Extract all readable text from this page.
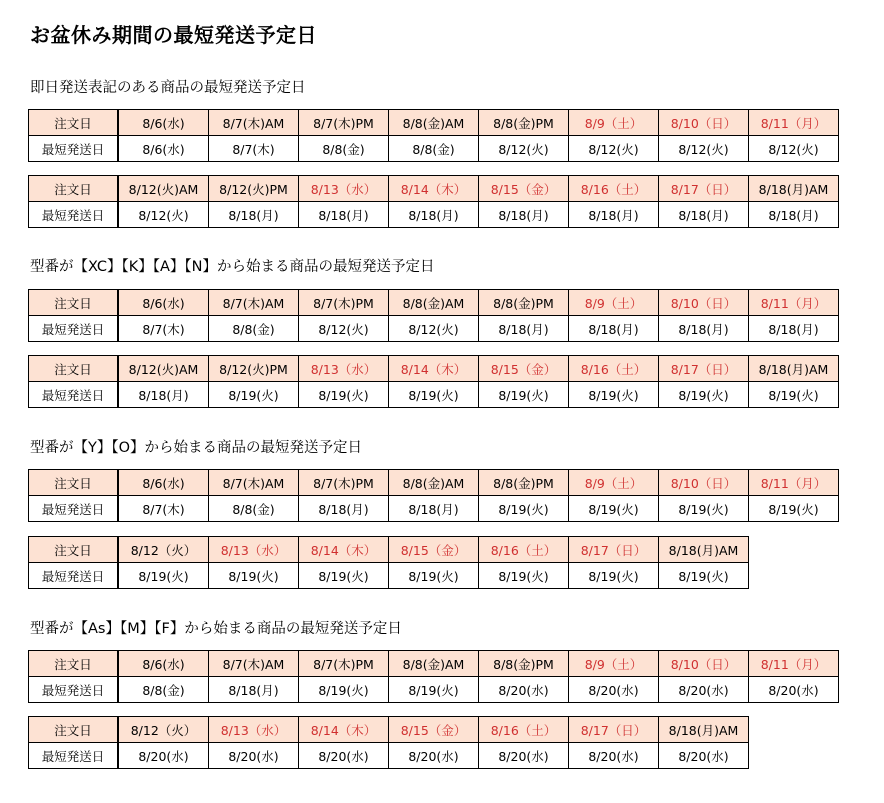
お盆休み期間の最短発送予定日
即日発送表記のある商品の最短発送予定日
注文日	8/6(水)	8/7(木)AM	8/7(木)PM	8/8(金)AM	8/8(金)PM	8/9（土）	8/10（日）	8/11（月）
最短発送日	8/6(水)	8/7(木)	8/8(金)	8/8(金)	8/12(火)	8/12(火)	8/12(火)	8/12(火)
注文日	8/12(火)AM	8/12(火)PM	8/13（水）	8/14（木）	8/15（金）	8/16（土）	8/17（日）	8/18(月)AM
最短発送日	8/12(火)	8/18(月)	8/18(月)	8/18(月)	8/18(月)	8/18(月)	8/18(月)	8/18(月)
型番が【XC】【K】【A】【N】から始まる商品の最短発送予定日
注文日	8/6(水)	8/7(木)AM	8/7(木)PM	8/8(金)AM	8/8(金)PM	8/9（土）	8/10（日）	8/11（月）
最短発送日	8/7(木)	8/8(金)	8/12(火)	8/12(火)	8/18(月)	8/18(月)	8/18(月)	8/18(月)
注文日	8/12(火)AM	8/12(火)PM	8/13（水）	8/14（木）	8/15（金）	8/16（土）	8/17（日）	8/18(月)AM
最短発送日	8/18(月)	8/19(火)	8/19(火)	8/19(火)	8/19(火)	8/19(火)	8/19(火)	8/19(火)
型番が【Y】【O】から始まる商品の最短発送予定日
注文日	8/6(水)	8/7(木)AM	8/7(木)PM	8/8(金)AM	8/8(金)PM	8/9（土）	8/10（日）	8/11（月）
最短発送日	8/7(木)	8/8(金)	8/18(月)	8/18(月)	8/19(火)	8/19(火)	8/19(火)	8/19(火)
注文日	8/12（火）	8/13（水）	8/14（木）	8/15（金）	8/16（土）	8/17（日）	8/18(月)AM
最短発送日	8/19(火)	8/19(火)	8/19(火)	8/19(火)	8/19(火)	8/19(火)	8/19(火)
型番が【As】【M】【F】から始まる商品の最短発送予定日
注文日	8/6(水)	8/7(木)AM	8/7(木)PM	8/8(金)AM	8/8(金)PM	8/9（土）	8/10（日）	8/11（月）
最短発送日	8/8(金)	8/18(月)	8/19(火)	8/19(火)	8/20(水)	8/20(水)	8/20(水)	8/20(水)
注文日	8/12（火）	8/13（水）	8/14（木）	8/15（金）	8/16（土）	8/17（日）	8/18(月)AM
最短発送日	8/20(水)	8/20(水)	8/20(水)	8/20(水)	8/20(水)	8/20(水)	8/20(水)
